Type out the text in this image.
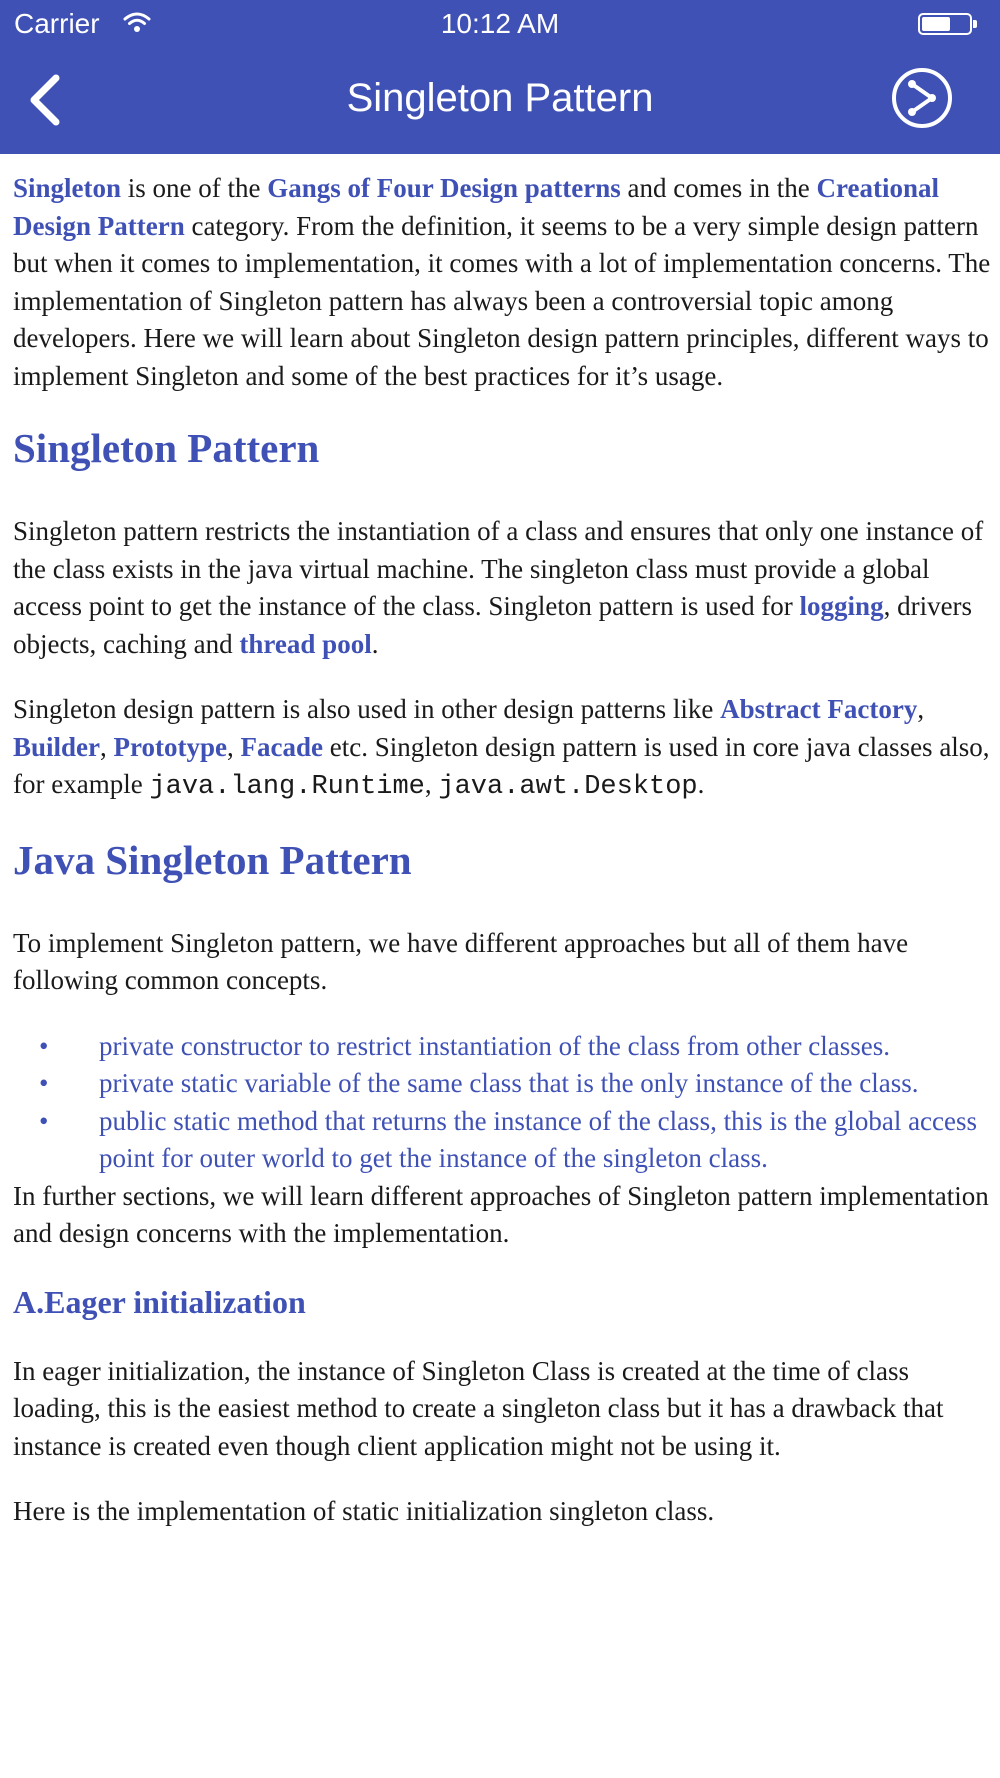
Carrier	10:12 AM
Singleton Pattern

Singleton is one of the Gangs of Four Design patterns and comes in the Creational Design Pattern category. From the definition, it seems to be a very simple design pattern but when it comes to implementation, it comes with a lot of implementation concerns. The implementation of Singleton pattern has always been a controversial topic among developers. Here we will learn about Singleton design pattern principles, different ways to implement Singleton and some of the best practices for it’s usage.

Singleton Pattern

Singleton pattern restricts the instantiation of a class and ensures that only one instance of the class exists in the java virtual machine. The singleton class must provide a global access point to get the instance of the class. Singleton pattern is used for logging, drivers objects, caching and thread pool.

Singleton design pattern is also used in other design patterns like Abstract Factory, Builder, Prototype, Facade etc. Singleton design pattern is used in core java classes also, for example java.lang.Runtime, java.awt.Desktop.

Java Singleton Pattern

To implement Singleton pattern, we have different approaches but all of them have following common concepts.

• private constructor to restrict instantiation of the class from other classes.
• private static variable of the same class that is the only instance of the class.
• public static method that returns the instance of the class, this is the global access point for outer world to get the instance of the singleton class.

In further sections, we will learn different approaches of Singleton pattern implementation and design concerns with the implementation.

A.Eager initialization

In eager initialization, the instance of Singleton Class is created at the time of class loading, this is the easiest method to create a singleton class but it has a drawback that instance is created even though client application might not be using it.

Here is the implementation of static initialization singleton class.
